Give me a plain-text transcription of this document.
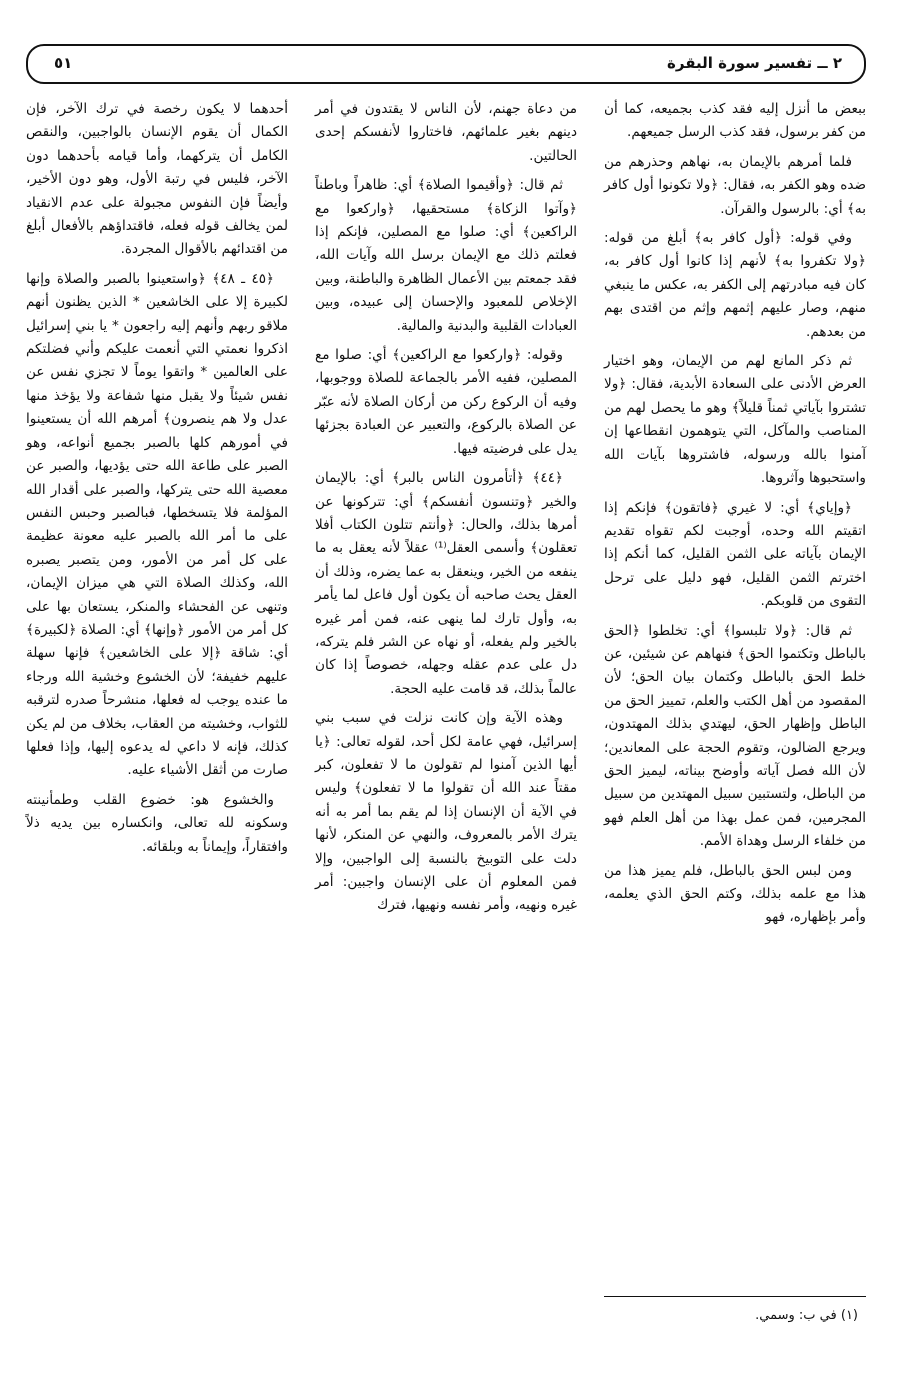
٢ ــ تفسير سورة البقرة
٥١

ببعض ما أنزل إليه فقد كذب بجميعه، كما أن من كفر برسول، فقد كذب الرسل جميعهم.

فلما أمرهم بالإيمان به، نهاهم وحذرهم من ضده وهو الكفر به، فقال: ﴿ولا تكونوا أول كافر به﴾ أي: بالرسول والقرآن.

وفي قوله: ﴿أول كافر به﴾ أبلغ من قوله: ﴿ولا تكفروا به﴾ لأنهم إذا كانوا أول كافر به، كان فيه مبادرتهم إلى الكفر به، عكس ما ينبغي منهم، وصار عليهم إثمهم وإثم من اقتدى بهم من بعدهم.

ثم ذكر المانع لهم من الإيمان، وهو اختيار العرض الأدنى على السعادة الأبدية، فقال: ﴿ولا تشتروا بآياتي ثمناً قليلاً﴾ وهو ما يحصل لهم من المناصب والمآكل، التي يتوهمون انقطاعها إن آمنوا بالله ورسوله، فاشتروها بآيات الله واستحبوها وآثروها.

﴿وإياي﴾ أي: لا غيري ﴿فاتقون﴾ فإنكم إذا اتقيتم الله وحده، أوجبت لكم تقواه تقديم الإيمان بآياته على الثمن القليل، كما أنكم إذا اخترتم الثمن القليل، فهو دليل على ترحل التقوى من قلوبكم.

ثم قال: ﴿ولا تلبسوا﴾ أي: تخلطوا ﴿الحق بالباطل وتكتموا الحق﴾ فنهاهم عن شيئين، عن خلط الحق بالباطل وكتمان بيان الحق؛ لأن المقصود من أهل الكتب والعلم، تمييز الحق من الباطل وإظهار الحق، ليهتدي بذلك المهتدون، ويرجع الضالون، وتقوم الحجة على المعاندين؛ لأن الله فصل آياته وأوضح بيناته، ليميز الحق من الباطل، ولتستبين سبيل المهتدين من سبيل المجرمين، فمن عمل بهذا من أهل العلم فهو من خلفاء الرسل وهداة الأمم.

ومن لبس الحق بالباطل، فلم يميز هذا من هذا مع علمه بذلك، وكتم الحق الذي يعلمه، وأمر بإظهاره، فهو

من دعاة جهنم، لأن الناس لا يقتدون في أمر دينهم بغير علمائهم، فاختاروا لأنفسكم إحدى الحالتين.

ثم قال: ﴿وأقيموا الصلاة﴾ أي: ظاهراً وباطناً ﴿وآتوا الزكاة﴾ مستحقيها، ﴿واركعوا مع الراكعين﴾ أي: صلوا مع المصلين، فإنكم إذا فعلتم ذلك مع الإيمان برسل الله وآيات الله، فقد جمعتم بين الأعمال الظاهرة والباطنة، وبين الإخلاص للمعبود والإحسان إلى عبيده، وبين العبادات القلبية والبدنية والمالية.

وقوله: ﴿واركعوا مع الراكعين﴾ أي: صلوا مع المصلين، ففيه الأمر بالجماعة للصلاة ووجوبها، وفيه أن الركوع ركن من أركان الصلاة لأنه عبّر عن الصلاة بالركوع، والتعبير عن العبادة بجزئها يدل على فرضيته فيها.

﴿٤٤﴾ ﴿أتأمرون الناس بالبر﴾ أي: بالإيمان والخير ﴿وتنسون أنفسكم﴾ أي: تتركونها عن أمرها بذلك، والحال: ﴿وأنتم تتلون الكتاب أفلا تعقلون﴾ وأسمى العقل⁽¹⁾ عقلاً لأنه يعقل به ما ينفعه من الخير، وينعقل به عما يضره، وذلك أن العقل يحث صاحبه أن يكون أول فاعل لما يأمر به، وأول تارك لما ينهى عنه، فمن أمر غيره بالخير ولم يفعله، أو نهاه عن الشر فلم يتركه، دل على عدم عقله وجهله، خصوصاً إذا كان عالماً بذلك، قد قامت عليه الحجة.

وهذه الآية وإن كانت نزلت في سبب بني إسرائيل، فهي عامة لكل أحد، لقوله تعالى: ﴿يا أيها الذين آمنوا لم تقولون ما لا تفعلون، كبر مقتاً عند الله أن تقولوا ما لا تفعلون﴾ وليس في الآية أن الإنسان إذا لم يقم بما أمر به أنه يترك الأمر بالمعروف، والنهي عن المنكر، لأنها دلت على التوبيخ بالنسبة إلى الواجبين، وإلا فمن المعلوم أن على الإنسان واجبين: أمر غيره ونهيه، وأمر نفسه ونهيها، فترك

أحدهما لا يكون رخصة في ترك الآخر، فإن الكمال أن يقوم الإنسان بالواجبين، والنقص الكامل أن يتركهما، وأما قيامه بأحدهما دون الآخر، فليس في رتبة الأول، وهو دون الأخير، وأيضاً فإن النفوس مجبولة على عدم الانقياد لمن يخالف قوله فعله، فاقتداؤهم بالأفعال أبلغ من اقتدائهم بالأقوال المجردة.

﴿٤٥ ـ ٤٨﴾ ﴿واستعينوا بالصبر والصلاة وإنها لكبيرة إلا على الخاشعين * الذين يظنون أنهم ملاقو ربهم وأنهم إليه راجعون * يا بني إسرائيل اذكروا نعمتي التي أنعمت عليكم وأني فضلتكم على العالمين * واتقوا يوماً لا تجزي نفس عن نفس شيئاً ولا يقبل منها شفاعة ولا يؤخذ منها عدل ولا هم ينصرون﴾ أمرهم الله أن يستعينوا في أمورهم كلها بالصبر بجميع أنواعه، وهو الصبر على طاعة الله حتى يؤديها، والصبر عن معصية الله حتى يتركها، والصبر على أقدار الله المؤلمة فلا يتسخطها، فبالصبر وحبس النفس على ما أمر الله بالصبر عليه معونة عظيمة على كل أمر من الأمور، ومن يتصبر يصبره الله، وكذلك الصلاة التي هي ميزان الإيمان، وتنهى عن الفحشاء والمنكر، يستعان بها على كل أمر من الأمور ﴿وإنها﴾ أي: الصلاة ﴿لكبيرة﴾ أي: شاقة ﴿إلا على الخاشعين﴾ فإنها سهلة عليهم خفيفة؛ لأن الخشوع وخشية الله ورجاء ما عنده يوجب له فعلها، منشرحاً صدره لترقبه للثواب، وخشيته من العقاب، بخلاف من لم يكن كذلك، فإنه لا داعي له يدعوه إليها، وإذا فعلها صارت من أثقل الأشياء عليه.

والخشوع هو: خضوع القلب وطمأنينته وسكونه لله تعالى، وانكساره بين يديه ذلاً وافتقاراً، وإيماناً به وبلقائه.

(١) في ب: وسمي.
